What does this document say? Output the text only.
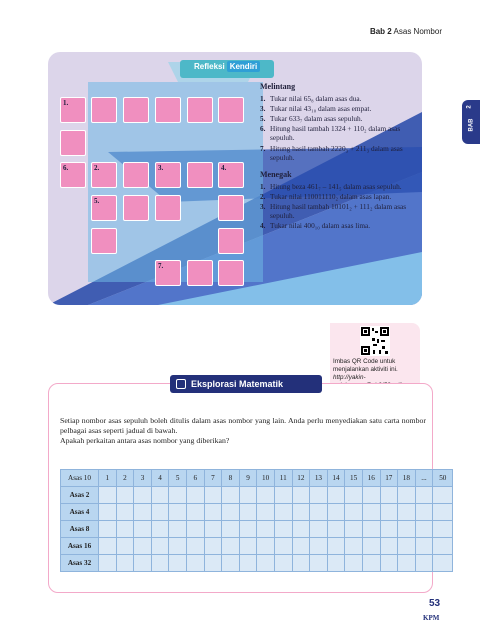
Bab 2 Asas Nombor
BAB
2
Refleksi Kendiri
1.
6.	2.	3.	4.
5.
7.
Melintang
1. Tukar nilai 65₈ dalam asas dua.
3. Tukar nilai 43₁₀ dalam asas empat.
5. Tukar 633₇ dalam asas sepuluh.
6. Hitung hasil tambah 1324 + 110₂ dalam asas sepuluh.
7. Hitung hasil tambah 2220₃ + 211₃ dalam asas sepuluh.
Menegak
1. Hitung beza 461₇ – 141₅ dalam asas sepuluh.
2. Tukar nilai 110011110₂ dalam asas lapan.
3. Hitung hasil tambah 10101₂ + 111₂ dalam asas sepuluh.
4. Tukar nilai 400₁₀ dalam asas lima.
Imbas QR Code untuk menjalankan aktiviti ini.
http://yakin-
Eksplorasi Matematik

Setiap nombor asas sepuluh boleh ditulis dalam asas nombor yang lain. Anda perlu menyediakan satu carta nombor pelbagai asas seperti jadual di bawah.

Apakah perkaitan antara asas nombor yang diberikan?

Asas 10	1	2	3	4	5	6	7	8	9	10	11	12	13	14	15	16	17	18	...	50
Asas 2																				
Asas 4																				
Asas 8																				
Asas 16																				
Asas 32																				
53
KPM
